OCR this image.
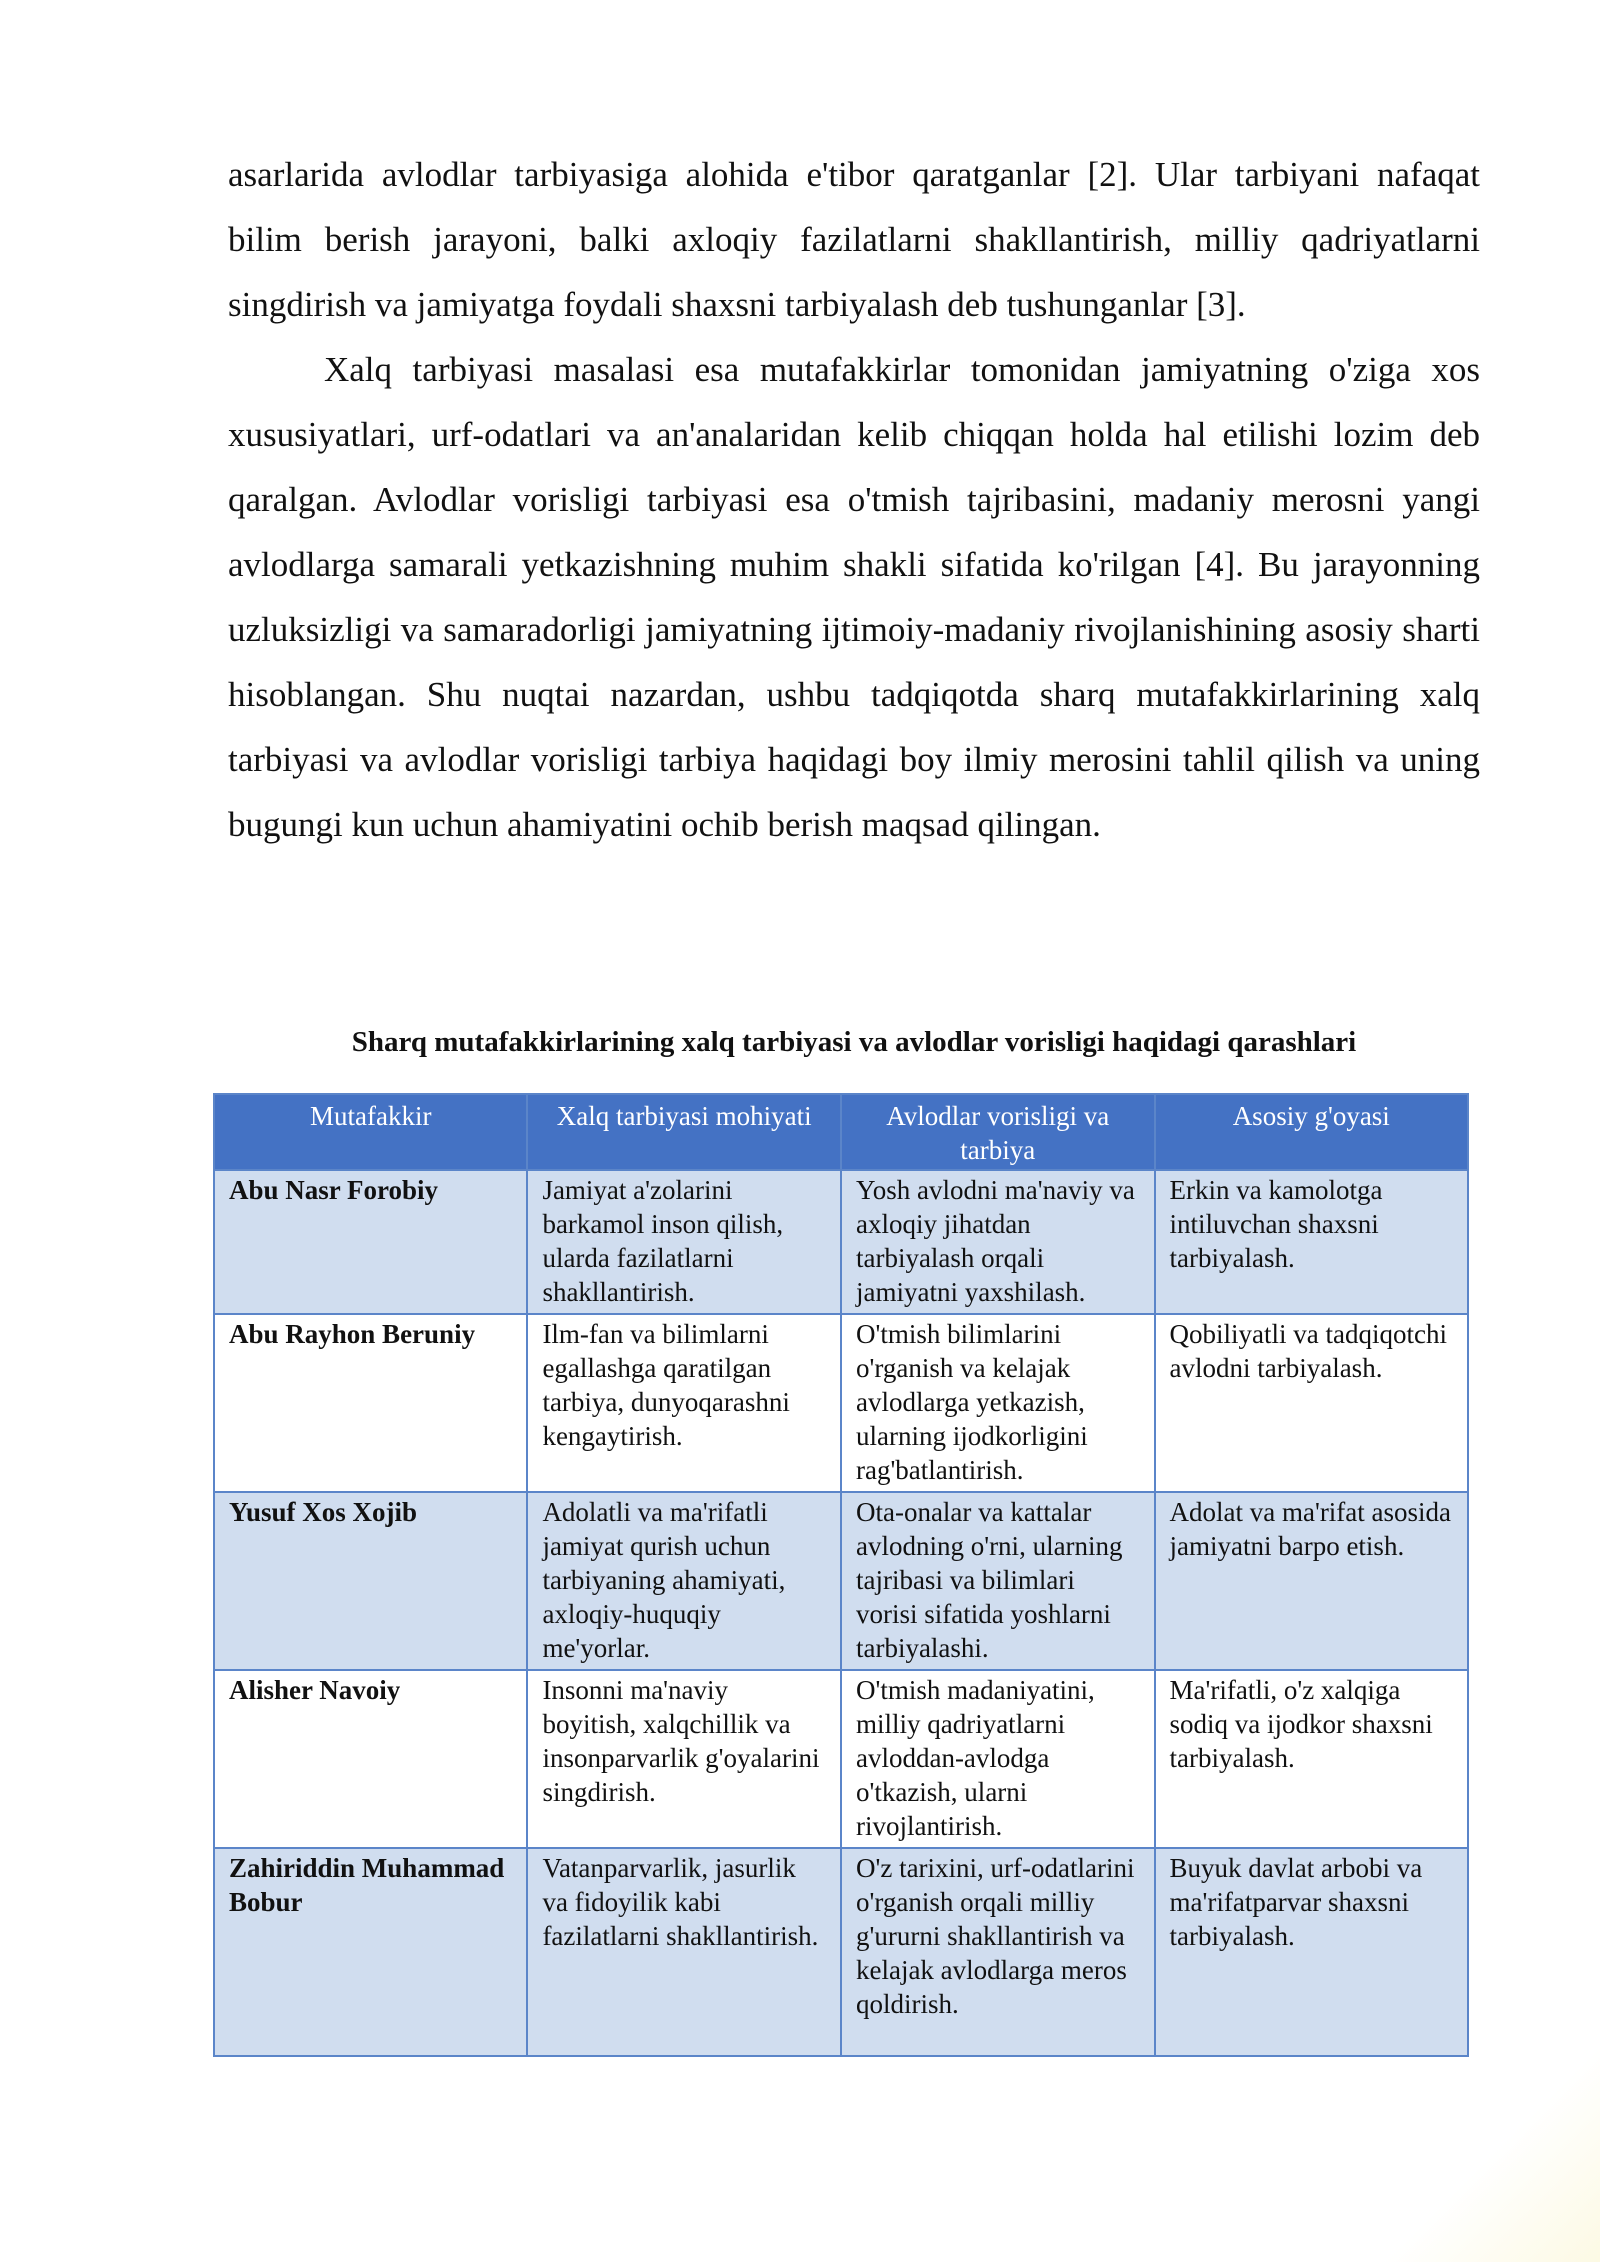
asarlarida avlodlar tarbiyasiga alohida e'tibor qaratganlar [2]. Ular tarbiyani nafaqat bilim berish jarayoni, balki axloqiy fazilatlarni shakllantirish, milliy qadriyatlarni singdirish va jamiyatga foydali shaxsni tarbiyalash deb tushunganlar [3].

Xalq tarbiyasi masalasi esa mutafakkirlar tomonidan jamiyatning o'ziga xos xususiyatlari, urf-odatlari va an'analaridan kelib chiqqan holda hal etilishi lozim deb qaralgan. Avlodlar vorisligi tarbiyasi esa o'tmish tajribasini, madaniy merosni yangi avlodlarga samarali yetkazishning muhim shakli sifatida ko'rilgan [4]. Bu jarayonning uzluksizligi va samaradorligi jamiyatning ijtimoiy-madaniy rivojlanishining asosiy sharti hisoblangan. Shu nuqtai nazardan, ushbu tadqiqotda sharq mutafakkirlarining xalq tarbiyasi va avlodlar vorisligi tarbiya haqidagi boy ilmiy merosini tahlil qilish va uning bugungi kun uchun ahamiyatini ochib berish maqsad qilingan.

Sharq mutafakkirlarining xalq tarbiyasi va avlodlar vorisligi haqidagi qarashlari
Mutafakkir	Xalq tarbiyasi mohiyati	Avlodlar vorisligi va tarbiya	Asosiy g'oyasi
Abu Nasr Forobiy	Jamiyat a'zolarini barkamol inson qilish, ularda fazilatlarni shakllantirish.	Yosh avlodni ma'naviy va axloqiy jihatdan tarbiyalash orqali jamiyatni yaxshilash.	Erkin va kamolotga intiluvchan shaxsni tarbiyalash.
Abu Rayhon Beruniy	Ilm-fan va bilimlarni egallashga qaratilgan tarbiya, dunyoqarashni kengaytirish.	O'tmish bilimlarini o'rganish va kelajak avlodlarga yetkazish, ularning ijodkorligini rag'batlantirish.	Qobiliyatli va tadqiqotchi avlodni tarbiyalash.
Yusuf Xos Xojib	Adolatli va ma'rifatli jamiyat qurish uchun tarbiyaning ahamiyati, axloqiy-huquqiy me'yorlar.	Ota-onalar va kattalar avlodning o'rni, ularning tajribasi va bilimlari vorisi sifatida yoshlarni tarbiyalashi.	Adolat va ma'rifat asosida jamiyatni barpo etish.
Alisher Navoiy	Insonni ma'naviy boyitish, xalqchillik va insonparvarlik g'oyalarini singdirish.	O'tmish madaniyatini, milliy qadriyatlarni avloddan-avlodga o'tkazish, ularni rivojlantirish.	Ma'rifatli, o'z xalqiga sodiq va ijodkor shaxsni tarbiyalash.
Zahiriddin Muhammad Bobur	Vatanparvarlik, jasurlik va fidoyilik kabi fazilatlarni shakllantirish.	O'z tarixini, urf-odatlarini o'rganish orqali milliy g'ururni shakllantirish va kelajak avlodlarga meros qoldirish.	Buyuk davlat arbobi va ma'rifatparvar shaxsni tarbiyalash.
